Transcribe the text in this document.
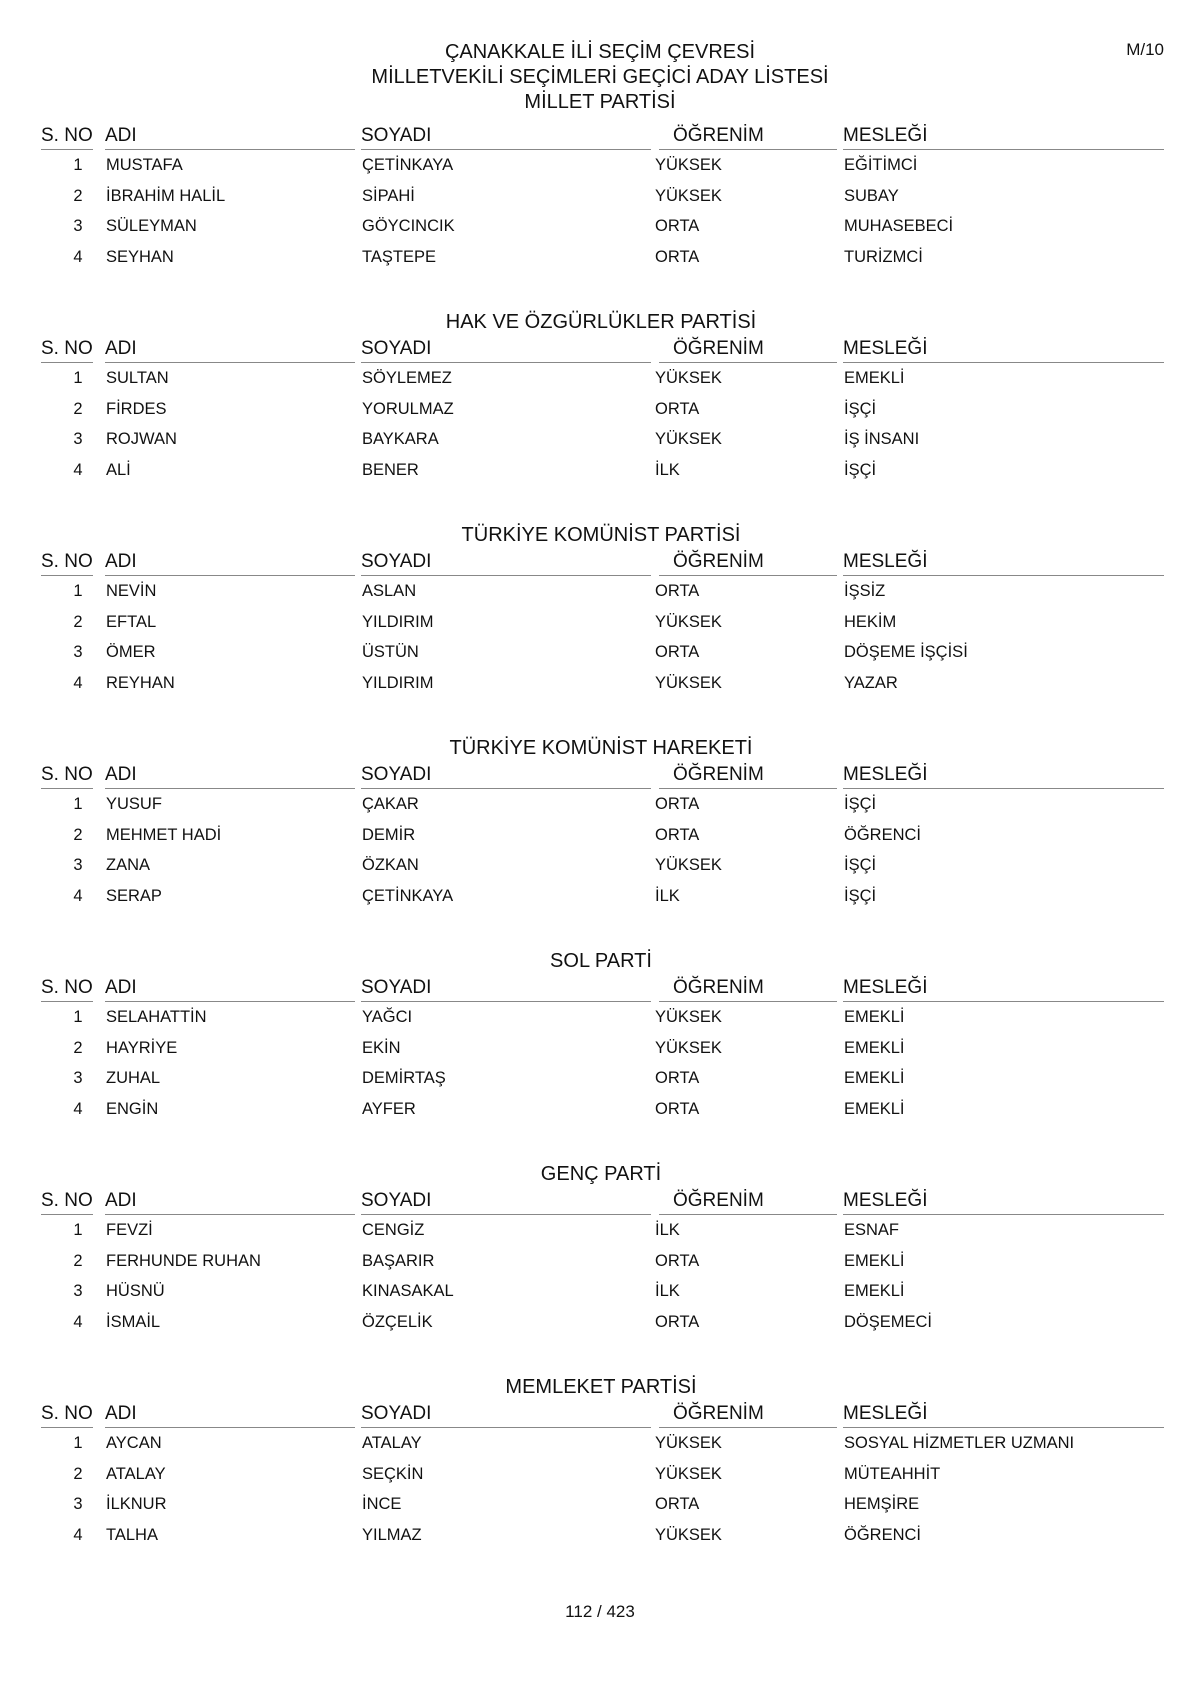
M/10
ÇANAKKALE İLİ SEÇİM ÇEVRESİ
MİLLETVEKİLİ SEÇİMLERİ GEÇİCİ ADAY LİSTESİ
MİLLET PARTİSİ
S. NO ADI	SOYADI	ÖĞRENİM	MESLEĞİ
1	MUSTAFA	ÇETİNKAYA	YÜKSEK	EĞİTİMCİ
2	İBRAHİM HALİL	SİPAHİ	YÜKSEK	SUBAY
3	SÜLEYMAN	GÖYCINCIK	ORTA	MUHASEBECİ
4	SEYHAN	TAŞTEPE	ORTA	TURİZMCİ
HAK VE ÖZGÜRLÜKLER PARTİSİ
S. NO ADI	SOYADI	ÖĞRENİM	MESLEĞİ
1	SULTAN	SÖYLEMEZ	YÜKSEK	EMEKLİ
2	FİRDES	YORULMAZ	ORTA	İŞÇİ
3	ROJWAN	BAYKARA	YÜKSEK	İŞ İNSANI
4	ALİ	BENER	İLK	İŞÇİ
TÜRKİYE KOMÜNİST PARTİSİ
S. NO ADI	SOYADI	ÖĞRENİM	MESLEĞİ
1	NEVİN	ASLAN	ORTA	İŞSİZ
2	EFTAL	YILDIRIM	YÜKSEK	HEKİM
3	ÖMER	ÜSTÜN	ORTA	DÖŞEME İŞÇİSİ
4	REYHAN	YILDIRIM	YÜKSEK	YAZAR
TÜRKİYE KOMÜNİST HAREKETİ
S. NO ADI	SOYADI	ÖĞRENİM	MESLEĞİ
1	YUSUF	ÇAKAR	ORTA	İŞÇİ
2	MEHMET HADİ	DEMİR	ORTA	ÖĞRENCİ
3	ZANA	ÖZKAN	YÜKSEK	İŞÇİ
4	SERAP	ÇETİNKAYA	İLK	İŞÇİ
SOL PARTİ
S. NO ADI	SOYADI	ÖĞRENİM	MESLEĞİ
1	SELAHATTİN	YAĞCI	YÜKSEK	EMEKLİ
2	HAYRİYE	EKİN	YÜKSEK	EMEKLİ
3	ZUHAL	DEMİRTAŞ	ORTA	EMEKLİ
4	ENGİN	AYFER	ORTA	EMEKLİ
GENÇ PARTİ
S. NO ADI	SOYADI	ÖĞRENİM	MESLEĞİ
1	FEVZİ	CENGİZ	İLK	ESNAF
2	FERHUNDE RUHAN	BAŞARIR	ORTA	EMEKLİ
3	HÜSNÜ	KINASAKAL	İLK	EMEKLİ
4	İSMAİL	ÖZÇELİK	ORTA	DÖŞEMECİ
MEMLEKET PARTİSİ
S. NO ADI	SOYADI	ÖĞRENİM	MESLEĞİ
1	AYCAN	ATALAY	YÜKSEK	SOSYAL HİZMETLER UZMANI
2	ATALAY	SEÇKİN	YÜKSEK	MÜTEAHHİT
3	İLKNUR	İNCE	ORTA	HEMŞİRE
4	TALHA	YILMAZ	YÜKSEK	ÖĞRENCİ
112 / 423
